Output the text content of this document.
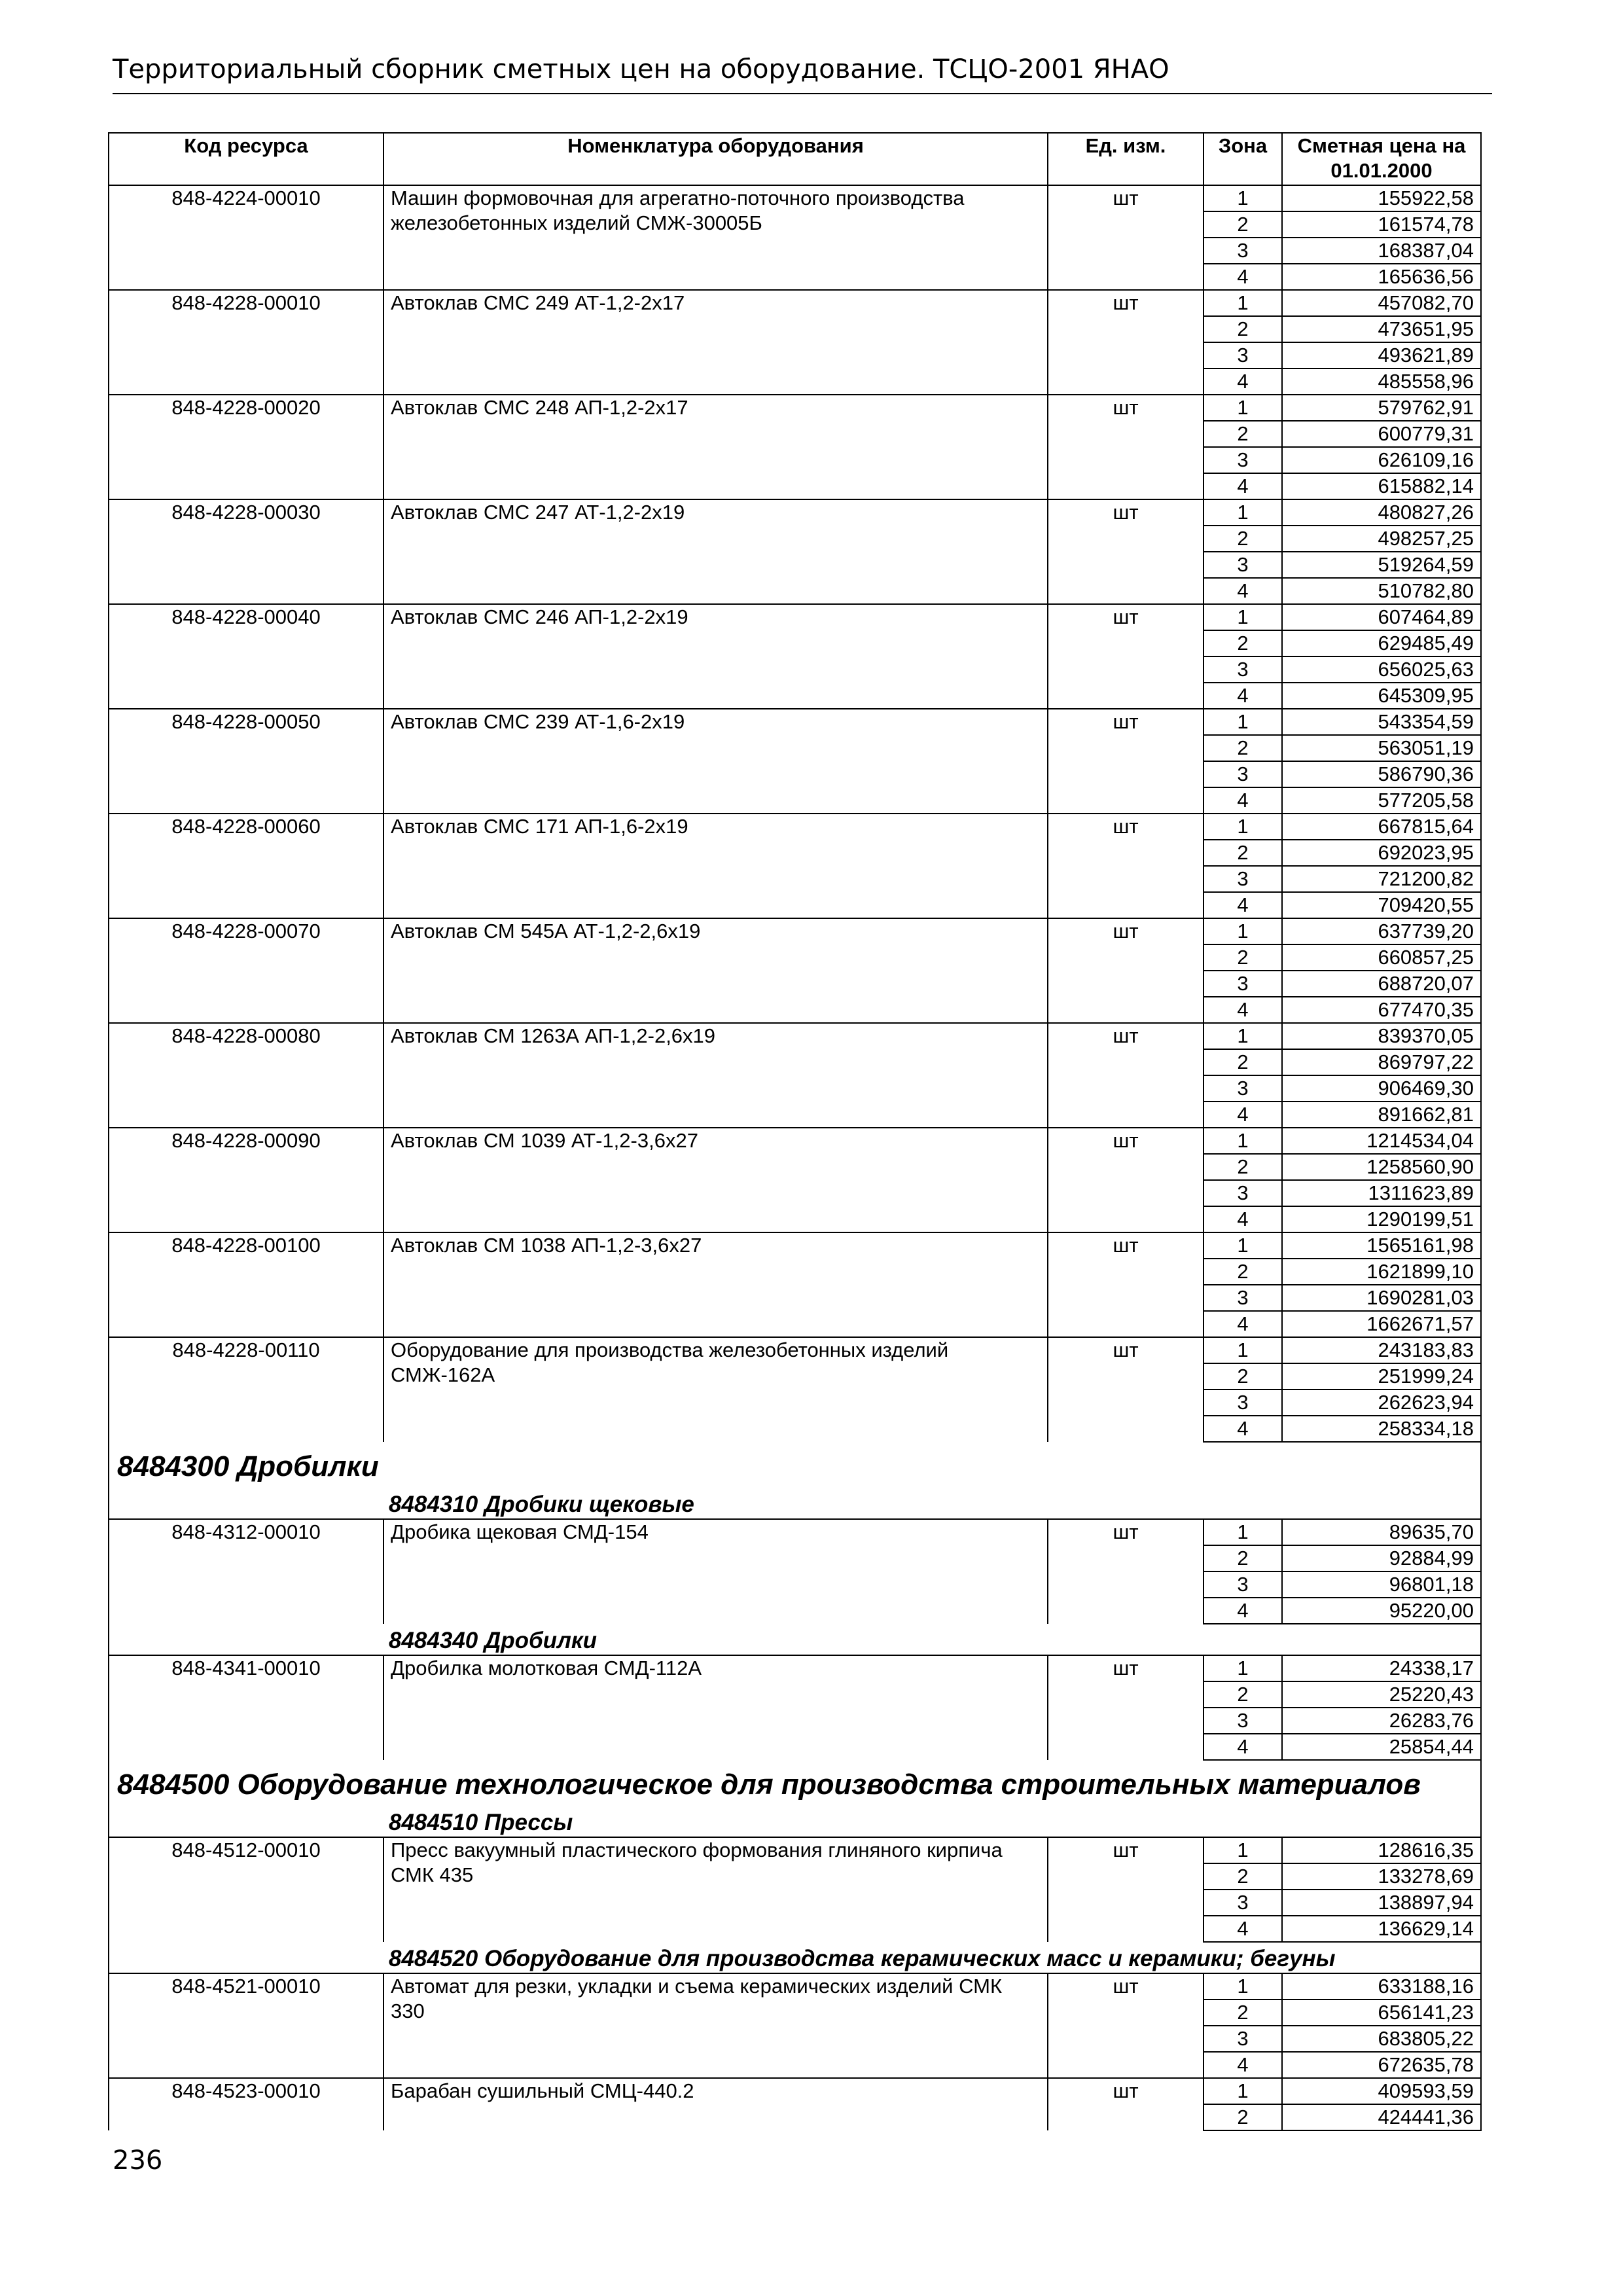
Территориальный сборник сметных цен на оборудование. ТСЦО-2001 ЯНАО
Код ресурса	Номенклатура оборудования	Ед. изм.	Зона	Сметная цена на 01.01.2000
848-4224-00010	Машин формовочная для агрегатно-поточного производства железобетонных изделий СМЖ-30005Б	шт	1	155922,58
			2	161574,78
			3	168387,04
			4	165636,56
848-4228-00010	Автоклав СМС 249 АТ-1,2-2х17	шт	1	457082,70
			2	473651,95
			3	493621,89
			4	485558,96
848-4228-00020	Автоклав СМС 248 АП-1,2-2х17	шт	1	579762,91
			2	600779,31
			3	626109,16
			4	615882,14
848-4228-00030	Автоклав СМС 247 АТ-1,2-2х19	шт	1	480827,26
			2	498257,25
			3	519264,59
			4	510782,80
848-4228-00040	Автоклав СМС 246 АП-1,2-2х19	шт	1	607464,89
			2	629485,49
			3	656025,63
			4	645309,95
848-4228-00050	Автоклав СМС 239 АТ-1,6-2х19	шт	1	543354,59
			2	563051,19
			3	586790,36
			4	577205,58
848-4228-00060	Автоклав СМС 171 АП-1,6-2х19	шт	1	667815,64
			2	692023,95
			3	721200,82
			4	709420,55
848-4228-00070	Автоклав СМ 545А АТ-1,2-2,6х19	шт	1	637739,20
			2	660857,25
			3	688720,07
			4	677470,35
848-4228-00080	Автоклав СМ 1263А АП-1,2-2,6х19	шт	1	839370,05
			2	869797,22
			3	906469,30
			4	891662,81
848-4228-00090	Автоклав СМ 1039 АТ-1,2-3,6х27	шт	1	1214534,04
			2	1258560,90
			3	1311623,89
			4	1290199,51
848-4228-00100	Автоклав СМ 1038 АП-1,2-3,6х27	шт	1	1565161,98
			2	1621899,10
			3	1690281,03
			4	1662671,57
848-4228-00110	Оборудование для производства железобетонных изделий СМЖ-162А	шт	1	243183,83
			2	251999,24
			3	262623,94
			4	258334,18
8484300 Дробилки				
8484310 Дробики щековые				
848-4312-00010	Дробика щековая СМД-154	шт	1	89635,70
			2	92884,99
			3	96801,18
			4	95220,00
8484340 Дробилки				
848-4341-00010	Дробилка молотковая СМД-112А	шт	1	24338,17
			2	25220,43
			3	26283,76
			4	25854,44
8484500 Оборудование технологическое для производства строительных материалов				
8484510 Прессы				
848-4512-00010	Пресс вакуумный пластического формования глиняного кирпича СМК 435	шт	1	128616,35
			2	133278,69
			3	138897,94
			4	136629,14
8484520 Оборудование для производства керамических масс и керамики; бегуны				
848-4521-00010	Автомат для резки, укладки и съема керамических изделий СМК 330	шт	1	633188,16
			2	656141,23
			3	683805,22
			4	672635,78
848-4523-00010	Барабан сушильный СМЦ-440.2	шт	1	409593,59
			2	424441,36
236
